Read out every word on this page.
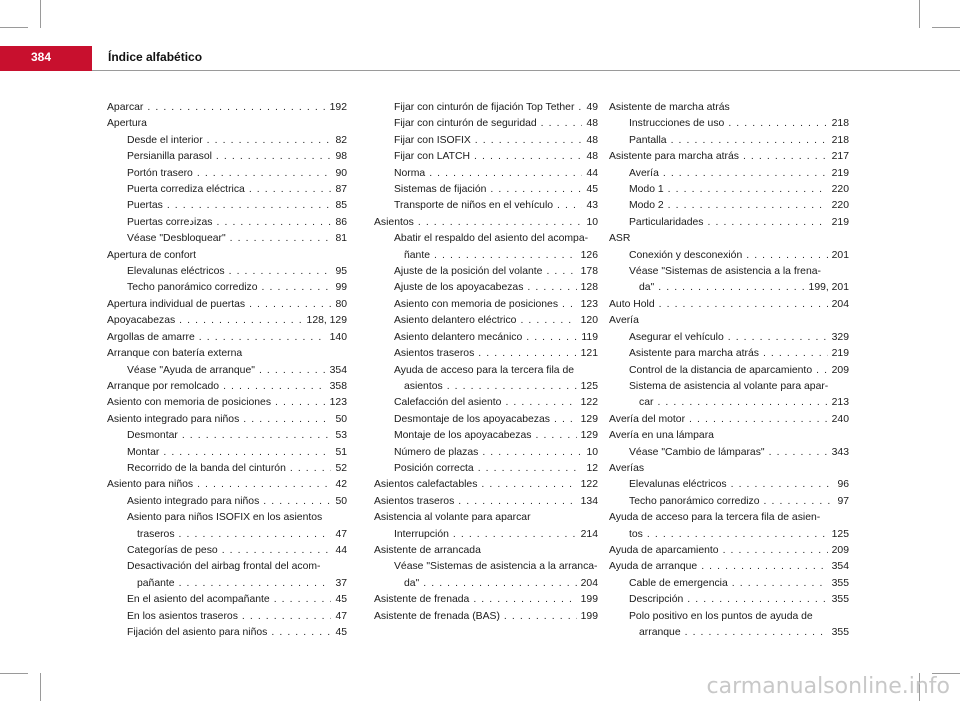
384	Índice alfabético
Aparcar . . .	192
Apertura
Desde el interior . . .	82
Persianilla parasol . . .	98
Portón trasero . . .	90
Puerta corrediza eléctrica . . .	87
Puertas . . .	85
Puertas correدizas . . .	86
Véase "Desbloquear" . . .	81
Apertura de confort
Elevalunas eléctricos . . .	95
Techo panorámico corredizo . . .	99
Apertura individual de puertas . . .	80
Apoyacabezas . . .	128, 129
Argollas de amarre . . .	140
Arranque con batería externa
Véase "Ayuda de arranque" . . .	354
Arranque por remolcado . . .	358
Asiento con memoria de posiciones . . .	123
Asiento integrado para niños . . .	50
Desmontar . . .	53
Montar . . .	51
Recorrido de la banda del cinturón . . .	52
Asiento para niños . . .	42
Asiento integrado para niños . . .	50
Asiento para niños ISOFIX en los asientos
traseros . . .	47
Categorías de peso . . .	44
Desactivación del airbag frontal del acom-
pañante . . .	37
En el asiento del acompañante . . .	45
En los asientos traseros . . .	47
Fijación del asiento para niños . . .	45
Fijar con cinturón de fijación Top Tether . . .	49
Fijar con cinturón de seguridad . . .	48
Fijar con ISOFIX . . .	48
Fijar con LATCH . . .	48
Norma . . .	44
Sistemas de fijación . . .	45
Transporte de niños en el vehículo . . .	43
Asientos . . .	10
Abatir el respaldo del asiento del acompa-
ñante . . .	126
Ajuste de la posición del volante . . .	178
Ajuste de los apoyacabezas . . .	128
Asiento con memoria de posiciones . . .	123
Asiento delantero eléctrico . . .	120
Asiento delantero mecánico . . .	119
Asientos traseros . . .	121
Ayuda de acceso para la tercera fila de
asientos . . .	125
Calefacción del asiento . . .	122
Desmontaje de los apoyacabezas . . .	129
Montaje de los apoyacabezas . . .	129
Número de plazas . . .	10
Posición correcta . . .	12
Asientos calefactables . . .	122
Asientos traseros . . .	134
Asistencia al volante para aparcar
Interrupción . . .	214
Asistente de arrancada
Véase "Sistemas de asistencia a la arranca-
da" . . .	204
Asistente de frenada . . .	199
Asistente de frenada (BAS) . . .	199
Asistente de marcha atrás
Instrucciones de uso . . .	218
Pantalla . . .	218
Asistente para marcha atrás . . .	217
Avería . . .	219
Modo 1 . . .	220
Modo 2 . . .	220
Particularidades . . .	219
ASR
Conexión y desconexión . . .	201
Véase "Sistemas de asistencia a la frena-
da" . . .	199, 201
Auto Hold . . .	204
Avería
Asegurar el vehículo . . .	329
Asistente para marcha atrás . . .	219
Control de la distancia de aparcamiento . . .	209
Sistema de asistencia al volante para apar-
car . . .	213
Avería del motor . . .	240
Avería en una lámpara
Véase "Cambio de lámparas" . . .	343
Averías
Elevalunas eléctricos . . .	96
Techo panorámico corredizo . . .	97
Ayuda de acceso para la tercera fila de asien-
tos . . .	125
Ayuda de aparcamiento . . .	209
Ayuda de arranque . . .	354
Cable de emergencia . . .	355
Descripción . . .	355
Polo positivo en los puntos de ayuda de
arranque . . .	355
carmanualsonline.info
